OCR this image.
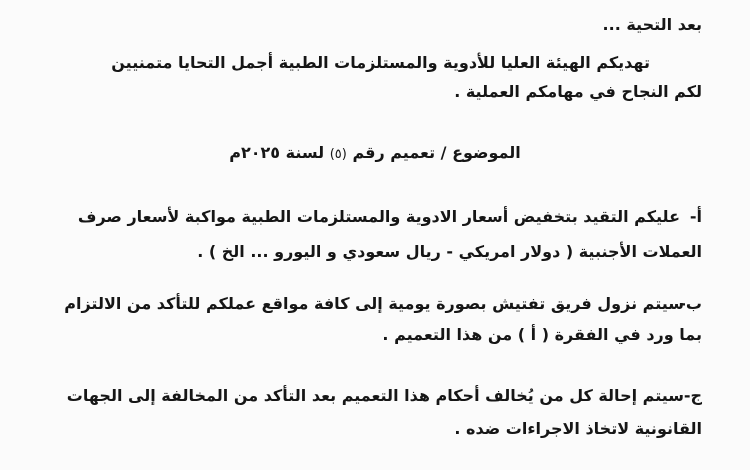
بعد التحية ...
تهديكم الهيئة العليا للأدوية والمستلزمات الطبية أجمل التحايا متمنيين
لكم النجاح في مهامكم العملية .
الموضوع / تعميم رقم (٥) لسنة ٢٠٢٥م
أ-
عليكم التقيد بتخفيض أسعار الادوية والمستلزمات الطبية مواكبة لأسعار صرف
العملات الأجنبية ( دولار امريكي - ريال سعودي و اليورو ... الخ ) .
ب-
سيتم نزول فريق تفتيش بصورة يومية إلى كافة مواقع عملكم للتأكد من الالتزام
بما ورد في الفقرة ( أ ) من هذا التعميم .
ج-
سيتم إحالة كل من يُخالف أحكام هذا التعميم بعد التأكد من المخالفة إلى الجهات
القانونية لاتخاذ الاجراءات ضده .
